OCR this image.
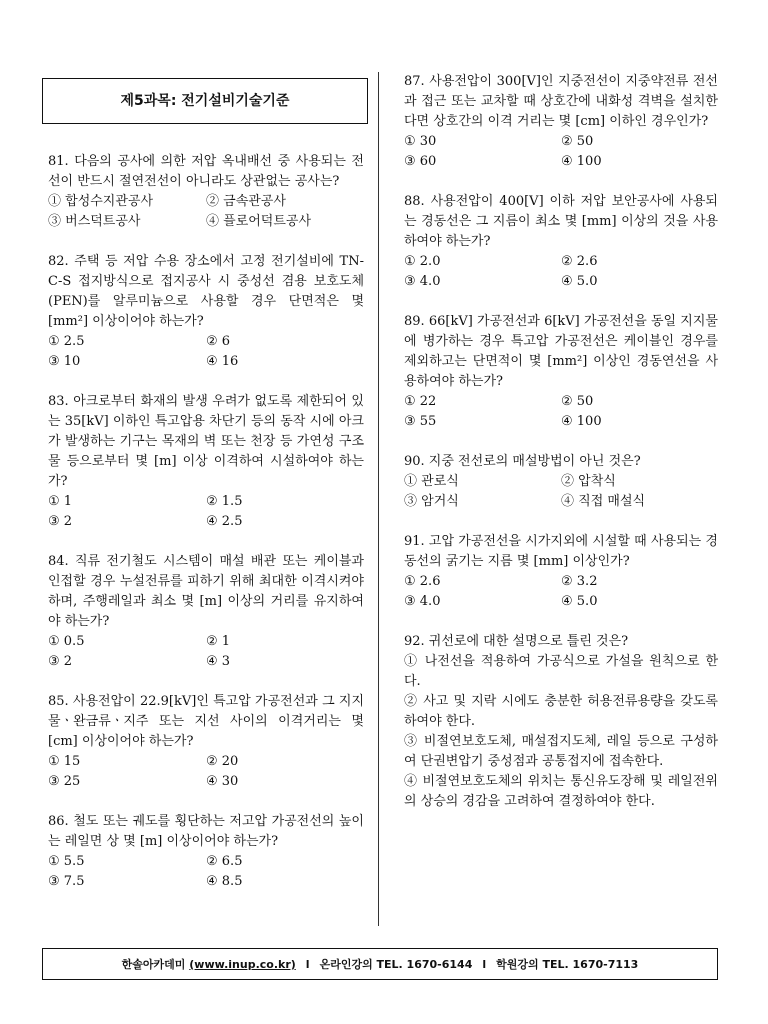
제5과목: 전기설비기술기준

81. 다음의 공사에 의한 저압 옥내배선 중 사용되는 전선이 반드시 절연전선이 아니라도 상관없는 공사는?

① 합성수지관공사	② 금속관공사
③ 버스덕트공사	④ 플로어덕트공사

82. 주택 등 저압 수용 장소에서 고정 전기설비에 TN-C-S 접지방식으로 접지공사 시 중성선 겸용 보호도체(PEN)를 알루미늄으로 사용할 경우 단면적은 몇 [mm²] 이상이어야 하는가?

① 2.5	② 6
③ 10	④ 16

83. 아크로부터 화재의 발생 우려가 없도록 제한되어 있는 35[kV] 이하인 특고압용 차단기 등의 동작 시에 아크가 발생하는 기구는 목재의 벽 또는 천장 등 가연성 구조물 등으로부터 몇 [m] 이상 이격하여 시설하여야 하는가?

① 1	② 1.5
③ 2	④ 2.5

84. 직류 전기철도 시스템이 매설 배관 또는 케이블과 인접할 경우 누설전류를 피하기 위해 최대한 이격시켜야 하며, 주행레일과 최소 몇 [m] 이상의 거리를 유지하여야 하는가?

① 0.5	② 1
③ 2	④ 3

85. 사용전압이 22.9[kV]인 특고압 가공전선과 그 지지물ㆍ완금류ㆍ지주 또는 지선 사이의 이격거리는 몇 [cm] 이상이어야 하는가?

① 15	② 20
③ 25	④ 30

86. 철도 또는 궤도를 횡단하는 저고압 가공전선의 높이는 레일면 상 몇 [m] 이상이어야 하는가?

① 5.5	② 6.5
③ 7.5	④ 8.5

87. 사용전압이 300[V]인 지중전선이 지중약전류 전선과 접근 또는 교차할 때 상호간에 내화성 격벽을 설치한다면 상호간의 이격 거리는 몇 [cm] 이하인 경우인가?

① 30	② 50
③ 60	④ 100

88. 사용전압이 400[V] 이하 저압 보안공사에 사용되는 경동선은 그 지름이 최소 몇 [mm] 이상의 것을 사용하여야 하는가?

① 2.0	② 2.6
③ 4.0	④ 5.0

89. 66[kV] 가공전선과 6[kV] 가공전선을 동일 지지물에 병가하는 경우 특고압 가공전선은 케이블인 경우를 제외하고는 단면적이 몇 [mm²] 이상인 경동연선을 사용하여야 하는가?

① 22	② 50
③ 55	④ 100

90. 지중 전선로의 매설방법이 아닌 것은?

① 관로식	② 압착식
③ 암거식	④ 직접 매설식

91. 고압 가공전선을 시가지외에 시설할 때 사용되는 경동선의 굵기는 지름 몇 [mm] 이상인가?

① 2.6	② 3.2
③ 4.0	④ 5.0

92. 귀선로에 대한 설명으로 틀린 것은?

① 나전선을 적용하여 가공식으로 가설을 원칙으로 한다.

② 사고 및 지락 시에도 충분한 허용전류용량을 갖도록 하여야 한다.

③ 비절연보호도체, 매설접지도체, 레일 등으로 구성하여 단권변압기 중성점과 공통접지에 접속한다.

④ 비절연보호도체의 위치는 통신유도장해 및 레일전위의 상승의 경감을 고려하여 결정하여야 한다.

한솔아카데미
(www.inup.co.kr) l 온라인강의 TEL. 1670-6144 l 학원강의 TEL. 1670-7113
